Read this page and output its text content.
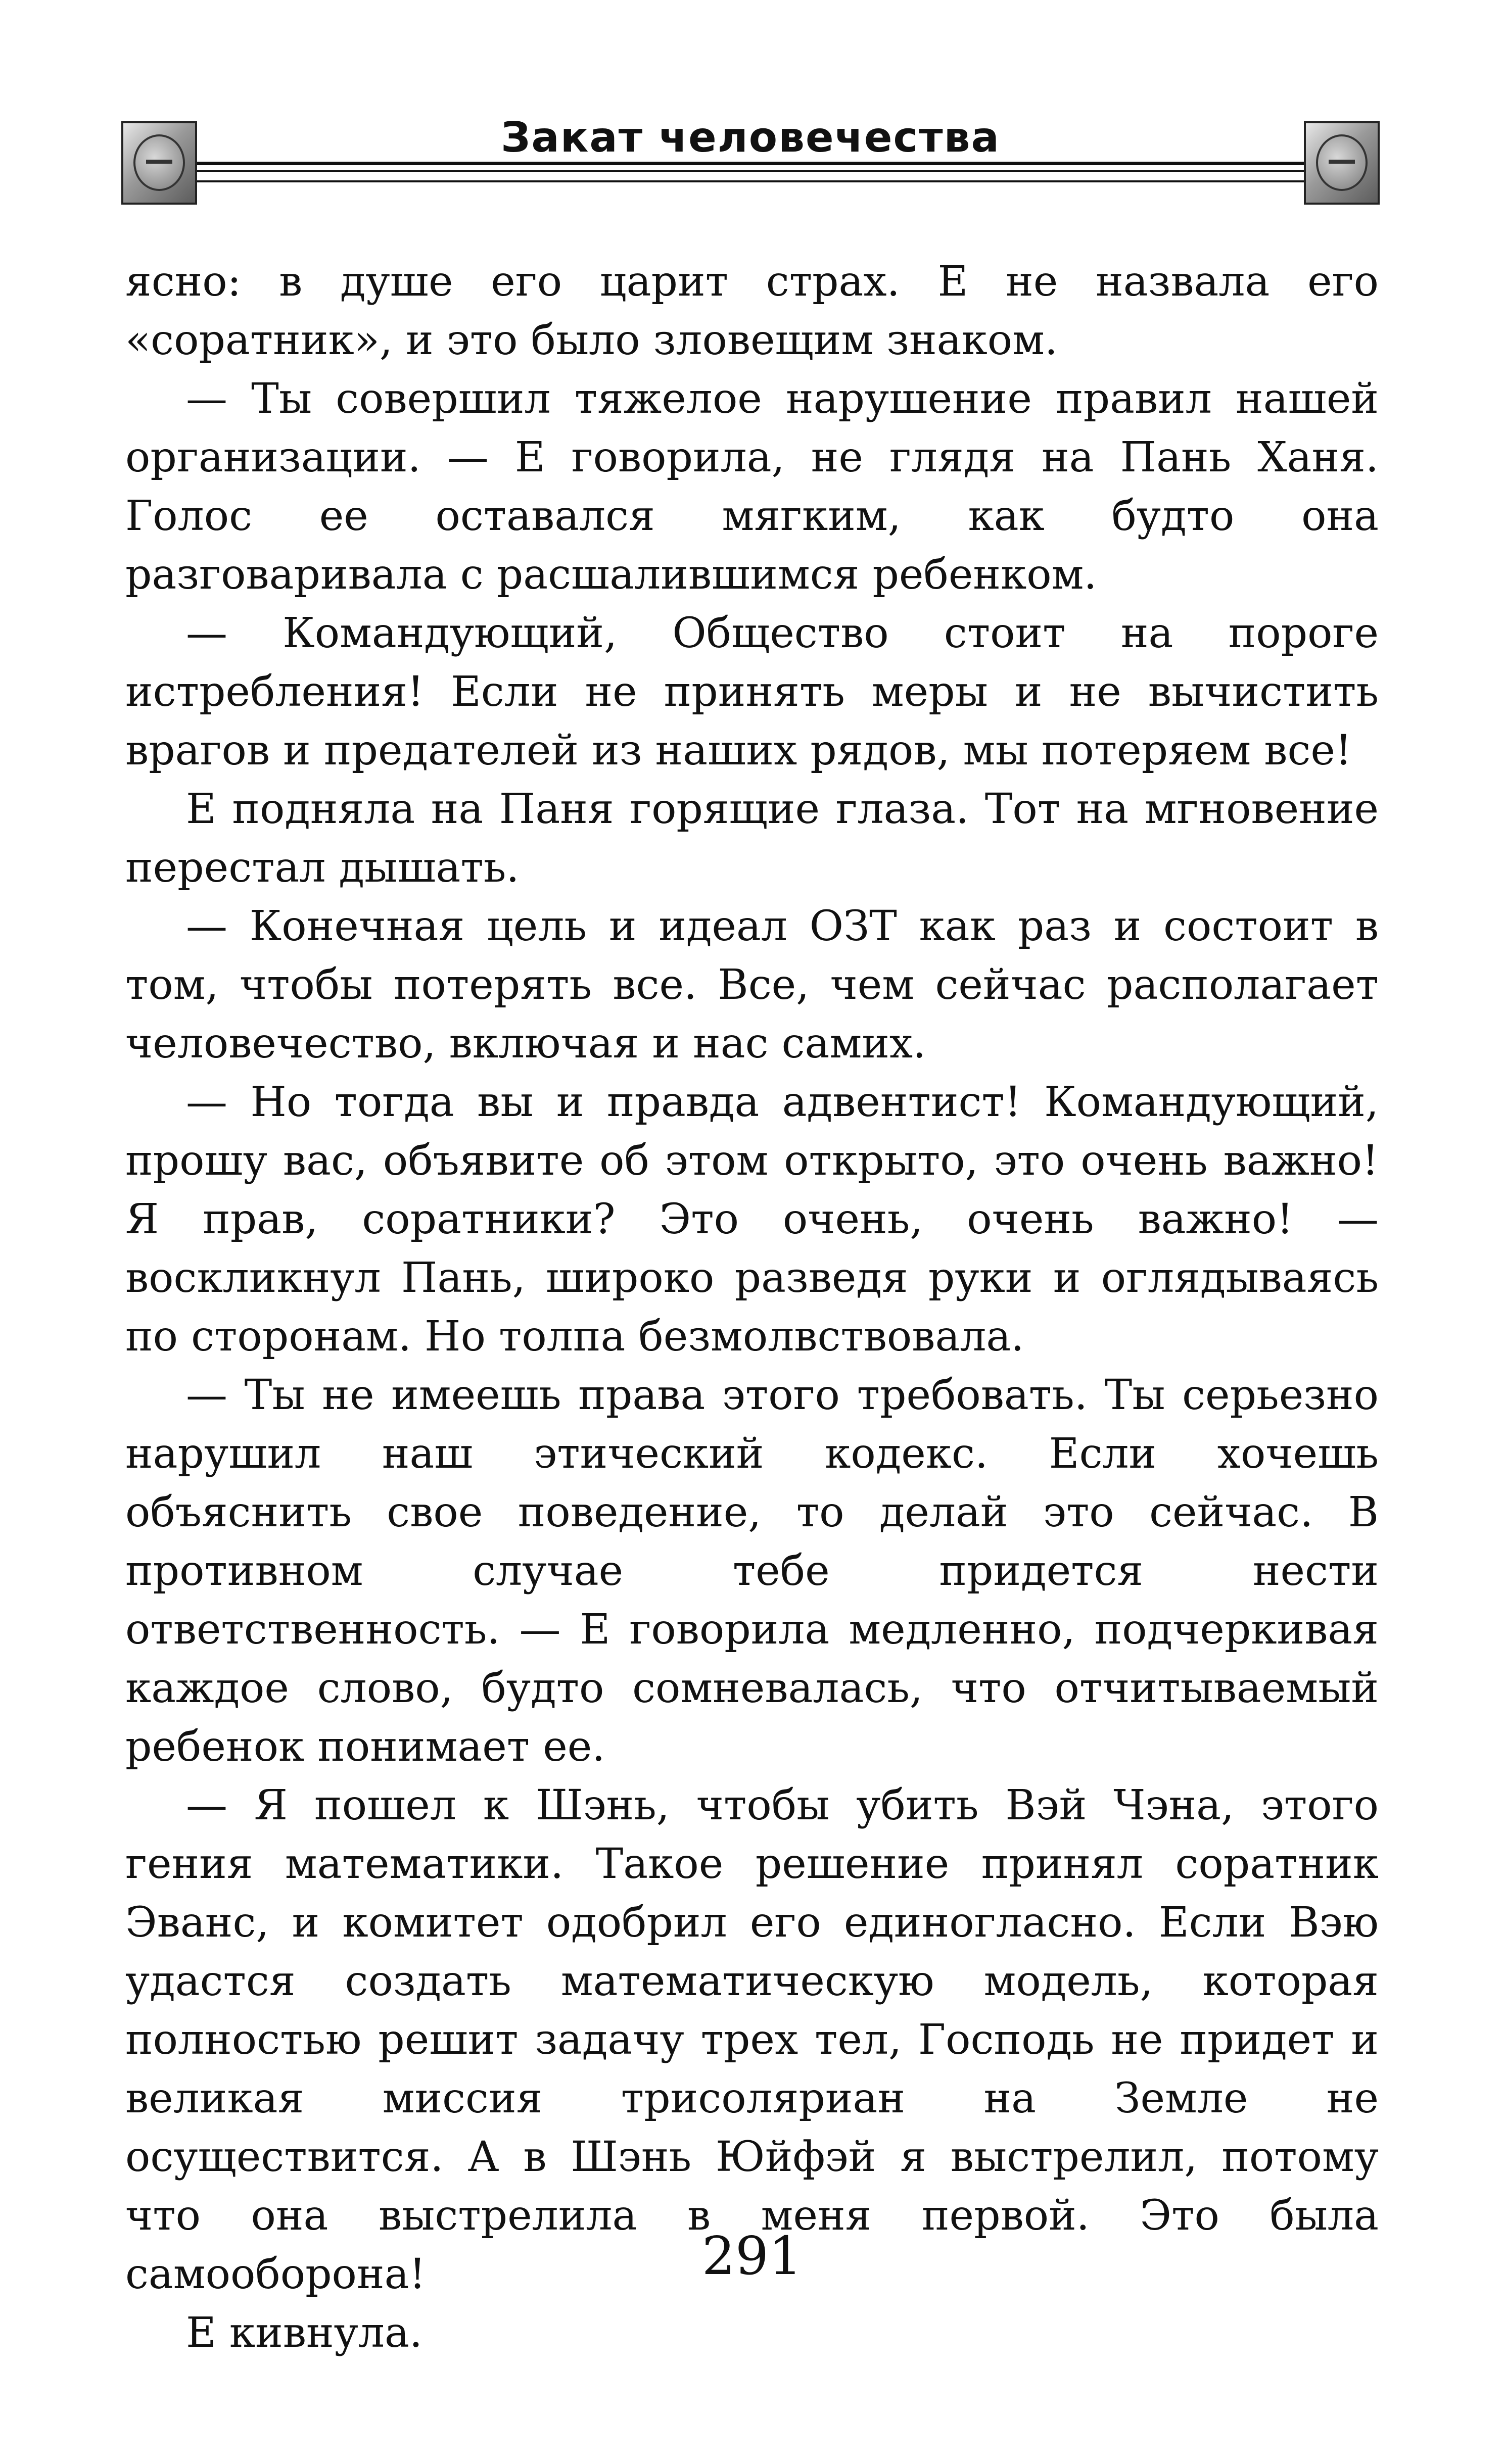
Закат человечества

ясно: в душе его царит страх. Е не назвала его «соратник», и это было зловещим знаком.

— Ты совершил тяжелое нарушение правил нашей организации. — Е говорила, не глядя на Пань Ханя. Голос ее оставался мягким, как будто она разговаривала с расшалившимся ребенком.

— Командующий, Общество стоит на пороге истребления! Если не принять меры и не вычистить врагов и предателей из наших рядов, мы потеряем все!

Е подняла на Паня горящие глаза. Тот на мгновение перестал дышать.

— Конечная цель и идеал ОЗТ как раз и состоит в том, чтобы потерять все. Все, чем сейчас располагает человечество, включая и нас самих.

— Но тогда вы и правда адвентист! Командующий, прошу вас, объявите об этом открыто, это очень важно! Я прав, соратники? Это очень, очень важно! — воскликнул Пань, широко разведя руки и оглядываясь по сторонам. Но толпа безмолвствовала.

— Ты не имеешь права этого требовать. Ты серьезно нарушил наш этический кодекс. Если хочешь объяснить свое поведение, то делай это сейчас. В противном случае тебе придется нести ответственность. — Е говорила медленно, подчеркивая каждое слово, будто сомневалась, что отчитываемый ребенок понимает ее.

— Я пошел к Шэнь, чтобы убить Вэй Чэна, этого гения математики. Такое решение принял соратник Эванс, и комитет одобрил его единогласно. Если Вэю удастся создать математическую модель, которая полностью решит задачу трех тел, Господь не придет и великая миссия трисоляриан на Земле не осуществится. А в Шэнь Юйфэй я выстрелил, потому что она выстрелила в меня первой. Это была самооборона!

Е кивнула.

291
